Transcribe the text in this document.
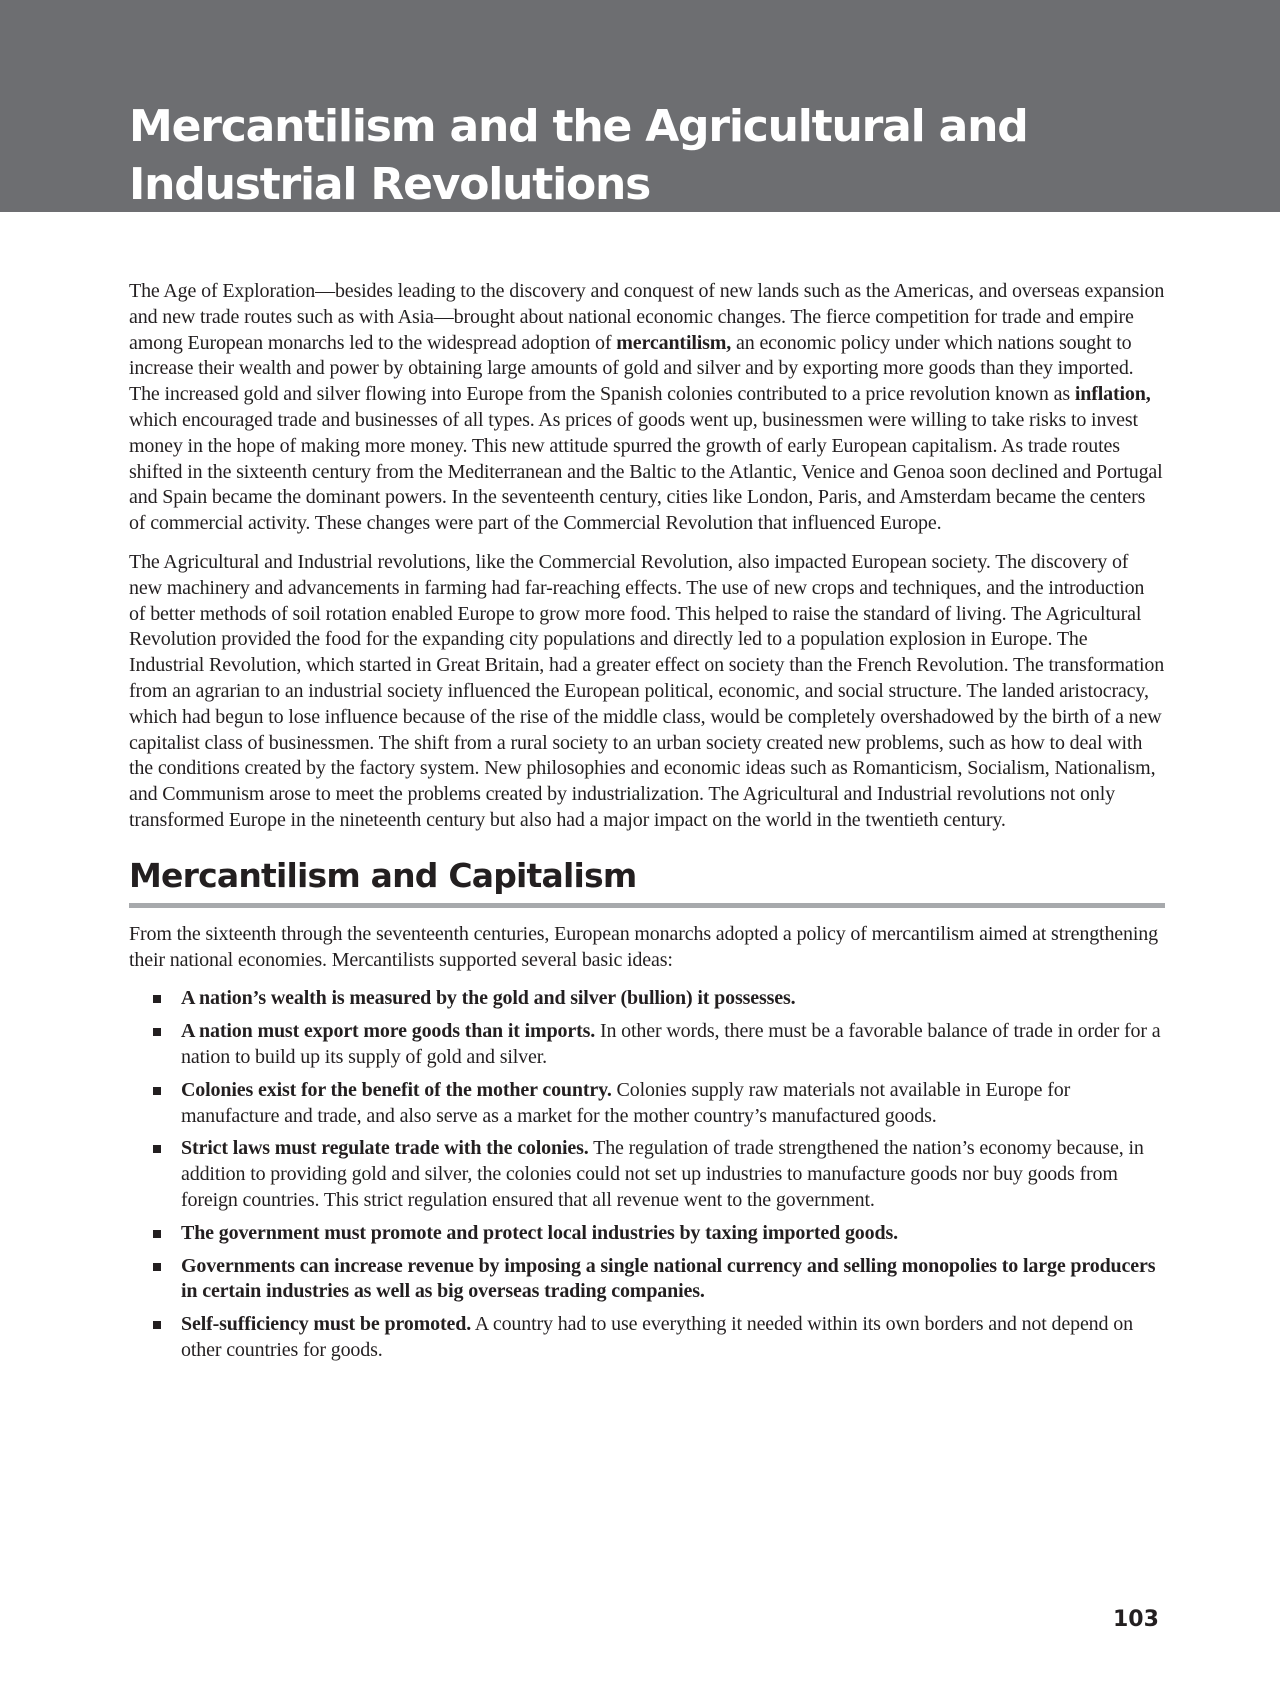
Mercantilism and the Agricultural and Industrial Revolutions

The Age of Exploration—besides leading to the discovery and conquest of new lands such as the Americas, and overseas expansion and new trade routes such as with Asia—brought about national economic changes. The fierce competition for trade and empire among European monarchs led to the widespread adoption of mercantilism, an economic policy under which nations sought to increase their wealth and power by obtaining large amounts of gold and silver and by exporting more goods than they imported. The increased gold and silver flowing into Europe from the Spanish colonies contributed to a price revolution known as inflation, which encouraged trade and businesses of all types. As prices of goods went up, businessmen were willing to take risks to invest money in the hope of making more money. This new attitude spurred the growth of early European capitalism. As trade routes shifted in the sixteenth century from the Mediterranean and the Baltic to the Atlantic, Venice and Genoa soon declined and Portugal and Spain became the dominant powers. In the seventeenth century, cities like London, Paris, and Amsterdam became the centers of commercial activity. These changes were part of the Commercial Revolution that influenced Europe.

The Agricultural and Industrial revolutions, like the Commercial Revolution, also impacted European society. The discovery of new machinery and advancements in farming had far-reaching effects. The use of new crops and techniques, and the introduction of better methods of soil rotation enabled Europe to grow more food. This helped to raise the standard of living. The Agricultural Revolution provided the food for the expanding city populations and directly led to a population explosion in Europe. The Industrial Revolution, which started in Great Britain, had a greater effect on society than the French Revolution. The transformation from an agrarian to an industrial society influenced the European political, economic, and social structure. The landed aristocracy, which had begun to lose influence because of the rise of the middle class, would be completely overshadowed by the birth of a new capitalist class of businessmen. The shift from a rural society to an urban society created new problems, such as how to deal with the conditions created by the factory system. New philosophies and economic ideas such as Romanticism, Socialism, Nationalism, and Communism arose to meet the problems created by industrialization. The Agricultural and Industrial revolutions not only transformed Europe in the nineteenth century but also had a major impact on the world in the twentieth century.

Mercantilism and Capitalism

From the sixteenth through the seventeenth centuries, European monarchs adopted a policy of mercantilism aimed at strengthening their national economies. Mercantilists supported several basic ideas:

A nation’s wealth is measured by the gold and silver (bullion) it possesses.
A nation must export more goods than it imports. In other words, there must be a favorable balance of trade in order for a nation to build up its supply of gold and silver.
Colonies exist for the benefit of the mother country. Colonies supply raw materials not available in Europe for manufacture and trade, and also serve as a market for the mother country’s manufactured goods.
Strict laws must regulate trade with the colonies. The regulation of trade strengthened the nation’s economy because, in addition to providing gold and silver, the colonies could not set up industries to manufacture goods nor buy goods from foreign countries. This strict regulation ensured that all revenue went to the government.
The government must promote and protect local industries by taxing imported goods.
Governments can increase revenue by imposing a single national currency and selling monopolies to large producers in certain industries as well as big overseas trading companies.
Self-sufficiency must be promoted. A country had to use everything it needed within its own borders and not depend on other countries for goods.
103
